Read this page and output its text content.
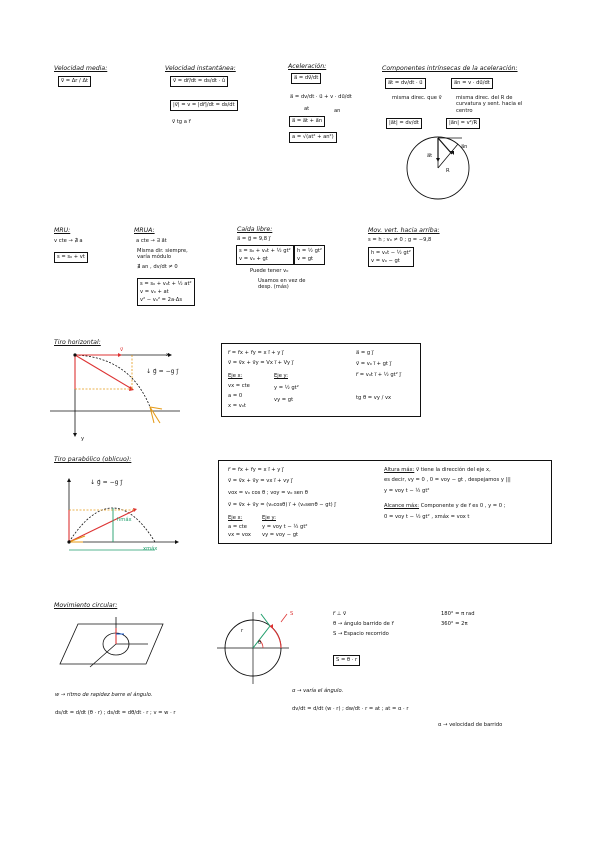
Velocidad media:
v̅ = Δr / Δt
Velocidad instantánea:
v⃗ = dr⃗/dt = ds/dt · û
|v⃗| = v = |dr⃗|/dt = ds/dt
v⃗ tg a r⃗
Aceleración:
a⃗ = dv⃗/dt
a⃗ = dv/dt · u⃗ + v · du⃗/dt
at	an
a⃗ = a⃗t + a⃗n
a = √(at² + an²)
Componentes intrínsecas de la aceleración:
a⃗t = dv/dt · u⃗
misma direc. que v⃗
a⃗n = v · du⃗/dt
misma direc. del R de curvatura y sent. hacia el centro
|a⃗t| = dv/dt	|a⃗n| = v²/R
a⃗t
a⃗n
R
MRU:
v cte → ∄ a
s = s₀ + vt
MRUA:
a cte → ∃ a⃗t
Misma dir. siempre,
varía módulo
∄ an , dv/dt ≠ 0
s = s₀ + v₀t + ½ at²
v = v₀ + at
v² − v₀² = 2a·Δs
Caída libre:
a⃗ = g⃗ = 9,8 j⃗
s = s₀ + v₀t + ½ gt²
v = v₀ + gt
h = ½ gt²
v = gt
Puede tener v₀
Usamos en vez de
desp. (más)
Mov. vert. hacia arriba:
s = h ; v₀ ≠ 0 ; g = −9,8
h = v₀t − ½ gt²
v = v₀ − gt
Tiro horizontal:
x
y
v⃗
↓ g⃗ = −g j⃗
r⃗ = r⃗x + r⃗y = x i⃗ + y j⃗
v⃗ = v⃗x + v⃗y = Vx i⃗ + Vy j⃗
Eje x:	Eje y:
vx = cte
a = 0
x = v₀t
y = ½ gt²
vy = gt
a⃗ = g j⃗
v⃗ = v₀ i⃗ + gt j⃗
r⃗ = v₀t i⃗ + ½ gt² j⃗
tg θ = vy / vx
Tiro parabólico (oblicuo):
↓ g⃗ = −g j⃗
hmáx
xmáx
r⃗ = r⃗x + r⃗y = x i⃗ + y j⃗
v⃗ = v⃗x + v⃗y = vx i⃗ + vy j⃗
vox = v₀ cos θ ; voy = v₀ sen θ
v⃗ = v⃗x + v⃗y = (v₀cosθ) i⃗ + (v₀senθ − gt) j⃗
Eje x:	Eje y:
a = cte
vx = vox
y = voy t − ½ gt²
vy = voy − gt
Altura máx: v⃗ tiene la dirección del eje x,
es decir, vy = 0 , 0 = voy − gt , despejamos y |||
y = voy t − ½ gt²
Alcance máx: Componente y de r⃗ es 0 , y = 0 ;
0 = voy t − ½ gt² , xmáx = vox t
Movimiento circular:
S
θ
r
r⃗ ⊥ v⃗
θ → ángulo barrido de r⃗
S → Espacio recorrido
S = θ · r
180° = π rad
360° = 2π
w → ritmo de rapidez barre el ángulo.
ds/dt = d/dt (θ · r) ; ds/dt = dθ/dt · r ; v = w · r
α → varía el ángulo.
dv/dt = d/dt (w · r) ; dw/dt · r = at ; at = α · r
α → velocidad de barrido
